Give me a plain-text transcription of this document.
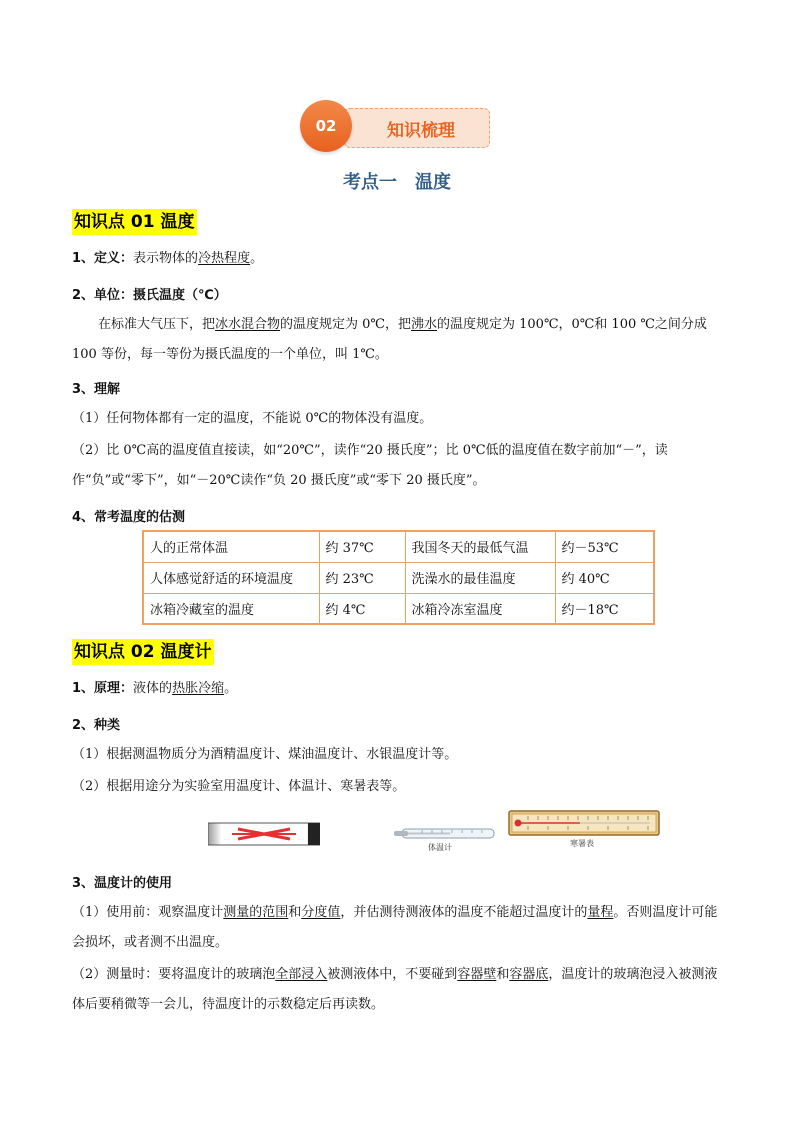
知识梳理
02
考点一　温度
知识点 01 温度
1、定义：表示物体的冷热程度。
2、单位：摄氏温度（℃）
在标准大气压下，把冰水混合物的温度规定为 0℃，把沸水的温度规定为 100℃，0℃和 100 ℃之间分成 100 等份，每一等份为摄氏温度的一个单位，叫 1℃。
3、理解
（1）任何物体都有一定的温度，不能说 0℃的物体没有温度。
（2）比 0℃高的温度值直接读，如“20℃”，读作“20 摄氏度”；比 0℃低的温度值在数字前加“－”，读作“负”或“零下”，如“－20℃读作“负 20 摄氏度”或“零下 20 摄氏度”。
4、常考温度的估测
人的正常体温	约 37℃	我国冬天的最低气温	约－53℃
人体感觉舒适的环境温度	约 23℃	洗澡水的最佳温度	约 40℃
冰箱冷藏室的温度	约 4℃	冰箱冷冻室温度	约－18℃
知识点 02 温度计
1、原理：液体的热胀冷缩。
2、种类
（1）根据测温物质分为酒精温度计、煤油温度计、水银温度计等。
（2）根据用途分为实验室用温度计、体温计、寒暑表等。
体温计	寒暑表
3、温度计的使用
（1）使用前：观察温度计测量的范围和分度值，并估测待测液体的温度不能超过温度计的量程。否则温度计可能会损坏，或者测不出温度。
（2）测量时：要将温度计的玻璃泡全部浸入被测液体中，不要碰到容器壁和容器底，温度计的玻璃泡浸入被测液体后要稍微等一会儿，待温度计的示数稳定后再读数。
